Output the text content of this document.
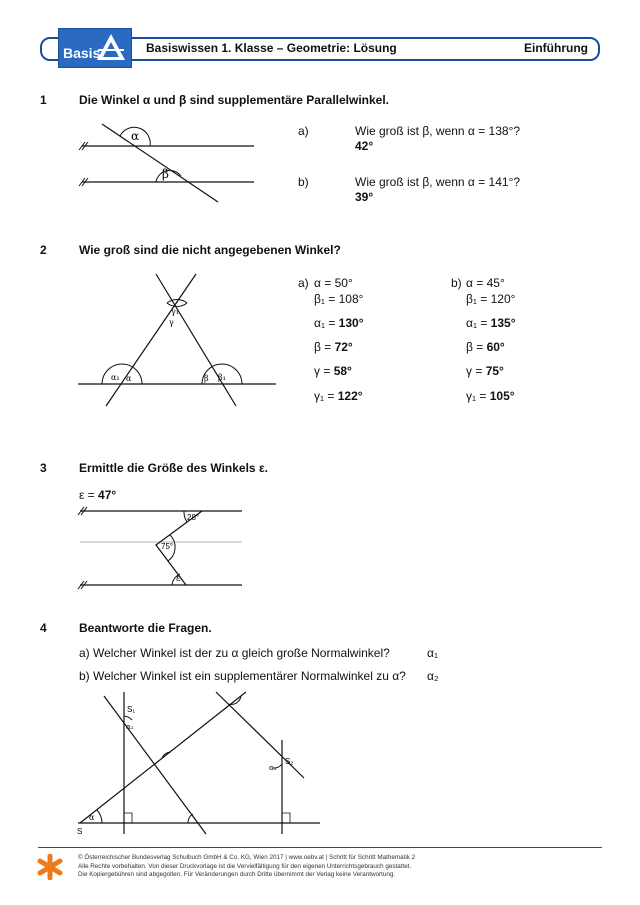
Basis	Basiswissen 1. Klasse – Geometrie: Lösung	Einführung
1	Die Winkel α und β sind supplementäre Parallelwinkel.
α
β
a)	Wie groß ist β, wenn α = 138°?
42°
b)	Wie groß ist β, wenn α = 141°?
39°
2	Wie groß sind die nicht angegebenen Winkel?
γ₁
γ
α₁ α	β β₁
a) α = 50°
β₁ = 108°
α₁ = 130°
β = 72°
γ = 58°
γ₁ = 122°
b) α = 45°
β₁ = 120°
α₁ = 135°
β = 60°
γ = 75°
γ₁ = 105°
3	Ermittle die Größe des Winkels ε.
ε = 47°
28°
75°
ε
4	Beantworte die Fragen.
a) Welcher Winkel ist der zu α gleich große Normalwinkel?	α₁
b) Welcher Winkel ist ein supplementärer Normalwinkel zu α? α₂
S
S₁
S₂
α
α₂
α₁
© Österreichischer Bundesverlag Schulbuch GmbH & Co. KG, Wien 2017 | www.oebv.at | Schritt für Schritt Mathematik 2
Alle Rechte vorbehalten. Von dieser Druckvorlage ist die Vervielfältigung für den eigenen Unterrichtsgebrauch gestattet.
Die Kopiergebühren sind abgegolten. Für Veränderungen durch Dritte übernimmt der Verlag keine Verantwortung.
